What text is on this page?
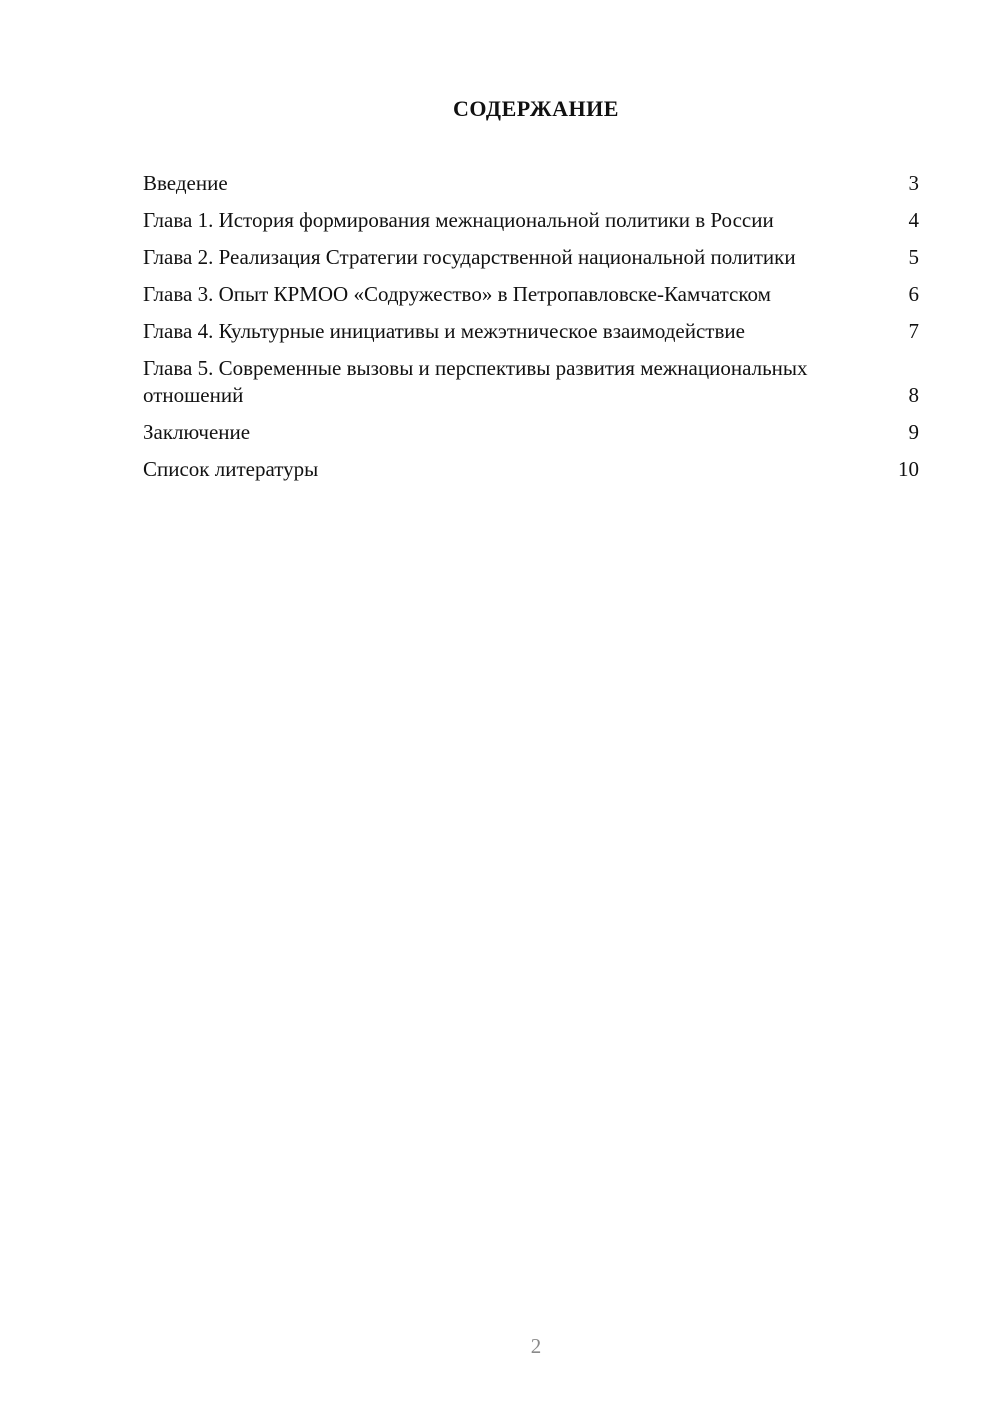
СОДЕРЖАНИЕ
Введение	3
Глава 1. История формирования межнациональной политики в России	4
Глава 2. Реализация Стратегии государственной национальной политики	5
Глава 3. Опыт КРМОО «Содружество» в Петропавловске-Камчатском	6
Глава 4. Культурные инициативы и межэтническое взаимодействие	7
Глава 5. Современные вызовы и перспективы развития межнациональных отношений	8
Заключение	9
Список литературы	10
2
